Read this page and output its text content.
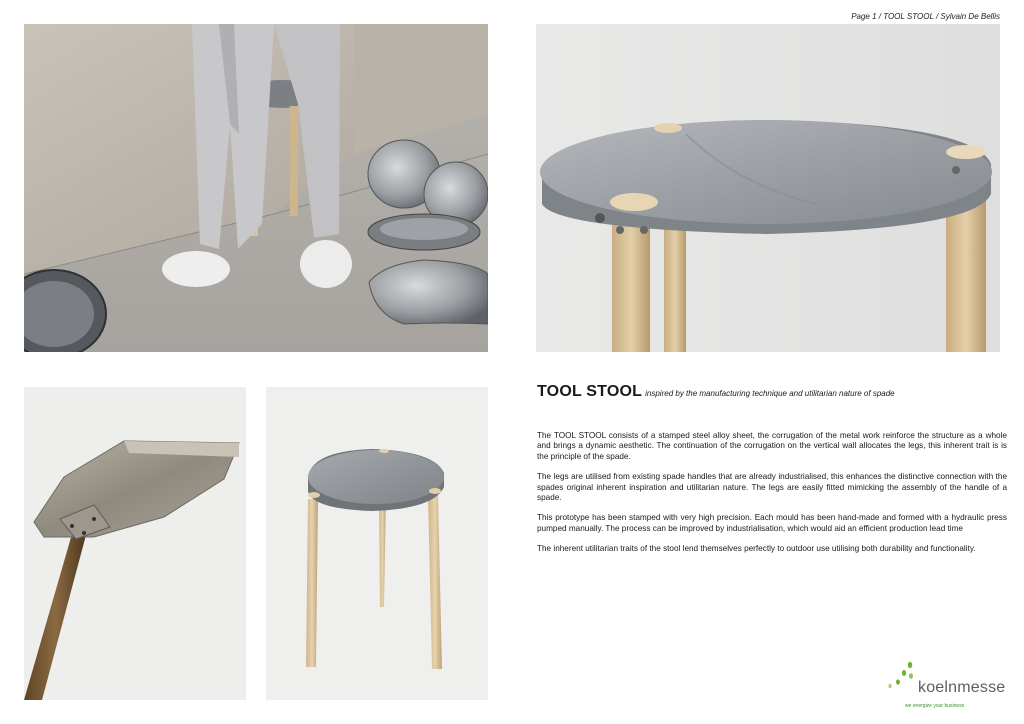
Page 1 / TOOL STOOL / Sylvain De Bellis
TOOL STOOL inspired by the manufacturing technique and utilitarian nature of spade

The TOOL STOOL consists of a stamped steel alloy sheet, the corrugation of the metal work reinforce the structure as a whole and brings a dynamic aesthetic. The continuation of the corrugation on the vertical wall allocates the legs, this inherent trait is is the principle of the spade.

The legs are utilised from existing spade handles that are already industrialised, this enhances the distinctive connection with the spades original inherent inspiration and utilitarian nature. The legs are easily fitted mimicking the assembly of the handle of a spade.

This prototype has been stamped with very high precision. Each mould has been hand-made and formed with a hydraulic press pumped manually. The process can be improved by industrialisation, which would aid an efficient production lead time

The inherent utilitarian traits of the stool lend themselves perfectly to outdoor use utilising both durability and functionality.

koelnmesse
we energize your business
